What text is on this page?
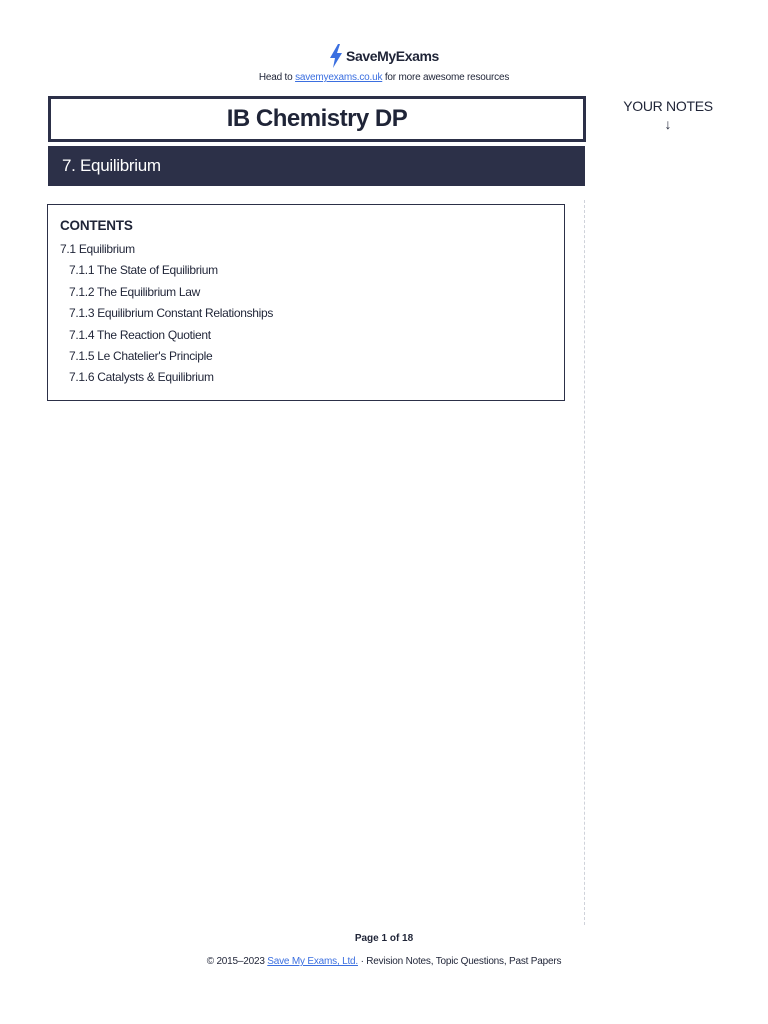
SaveMyExams
Head to savemyexams.co.uk for more awesome resources
IB Chemistry DP
7. Equilibrium
YOUR NOTES
↓
CONTENTS
7.1 Equilibrium
7.1.1 The State of Equilibrium
7.1.2 The Equilibrium Law
7.1.3 Equilibrium Constant Relationships
7.1.4 The Reaction Quotient
7.1.5 Le Chatelier's Principle
7.1.6 Catalysts & Equilibrium
Page 1 of 18
© 2015–2023 Save My Exams, Ltd. · Revision Notes, Topic Questions, Past Papers
